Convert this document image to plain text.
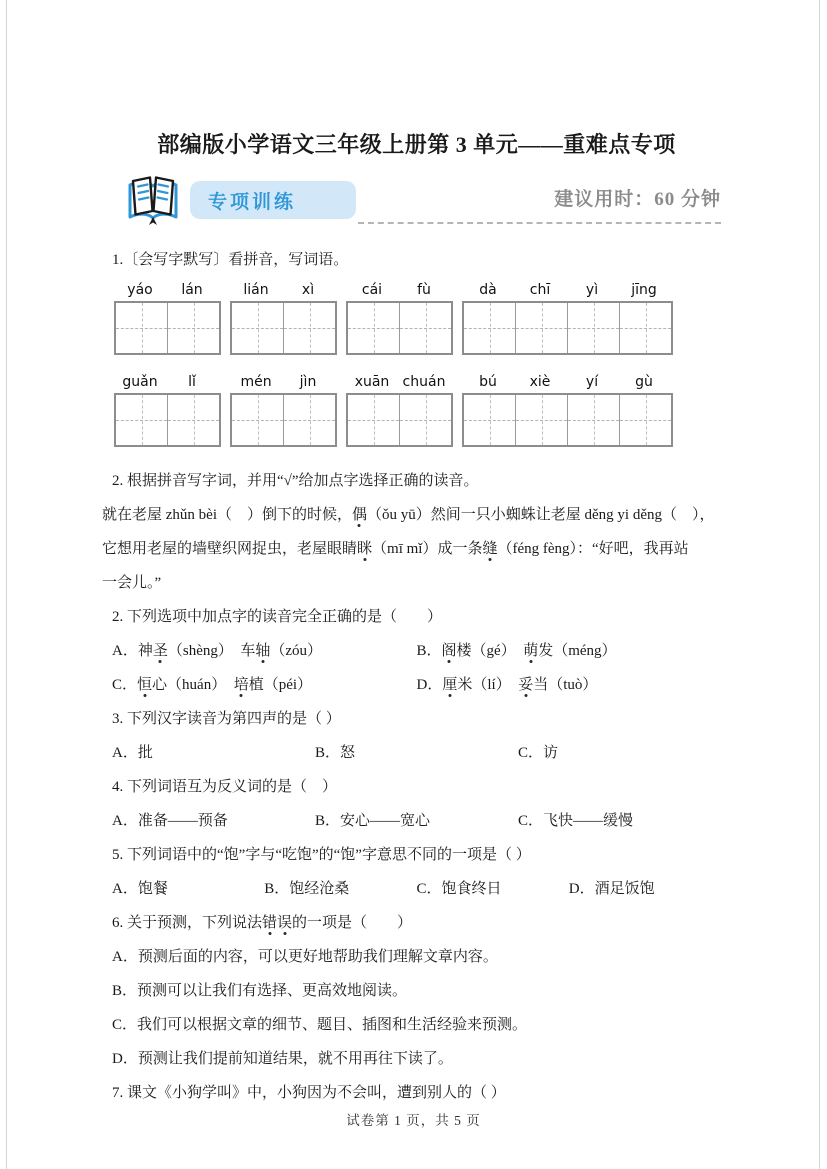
部编版小学语文三年级上册第 3 单元——重难点专项
专项训练	建议用时：60 分钟
1.〔会写字默写〕看拼音，写词语。
yáo	lán	lián	xì	cái	fù	dà	chī	yì	jīng
guǎn	lǐ	mén	jìn	xuān chuán	bú	xiè	yí	gù
2. 根据拼音写字词，并用“√”给加点字选择正确的读音。

就在老屋 zhǔn bèi（　）倒下的时候，偶（ǒu yū）然间一只小蜘蛛让老屋 děng yi děng（　），

它想用老屋的墙壁织网捉虫，老屋眼睛眯（mī mǐ）成一条缝（féng fèng）：“好吧，我再站

一会儿。”

2. 下列选项中加点字的读音完全正确的是（　　）
A．神圣（shèng）　车轴（zóu）	B．阁楼（gé）　萌发（méng）
C．恒心（huán）　培植（péi）	D．厘米（lí）　妥当（tuò）
3. 下列汉字读音为第四声的是（ ）
A．批	B．怒	C．访
4. 下列词语互为反义词的是（　）
A．准备——预备	B．安心——宽心	C．飞快——缓慢
5. 下列词语中的“饱”字与“吃饱”的“饱”字意思不同的一项是（ ）
A．饱餐	B．饱经沧桑	C．饱食终日	D．酒足饭饱
6. 关于预测，下列说法错误的一项是（　　）
A．预测后面的内容，可以更好地帮助我们理解文章内容。
B．预测可以让我们有选择、更高效地阅读。
C．我们可以根据文章的细节、题目、插图和生活经验来预测。
D．预测让我们提前知道结果，就不用再往下读了。
7. 课文《小狗学叫》中，小狗因为不会叫，遭到别人的（ ）
试卷第 1 页，共 5 页
